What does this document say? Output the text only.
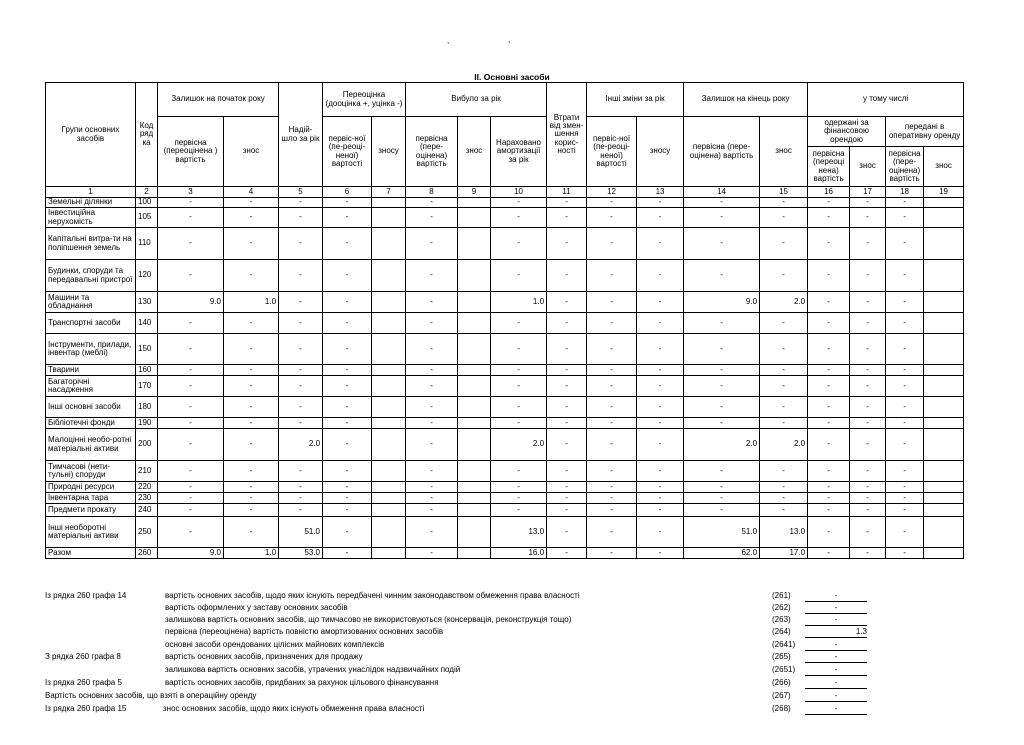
,	,
ІІ. Основні засоби
Групи основних засобів	Код ряд ка	Залишок на початок року		Надій-шло за рік	Переоцінка (дооцінка +, уцінка -)		Вибуло за рік			Втрати від змен-шення корис-ності	Інші зміни за рік		Залишок на кінець року		у тому числі			
		первісна (переоцінена ) вартість	знос		первіс-ної (пе-реоці-неної) вартості	зносу	первісна (пере-оцінена) вартість	знос	Нараховано амортизації за рік		первіс-ної (пе-реоці-неної) вартості	зносу	первісна (пере-оцінена) вартість	знос	одержані за фінансовою орендою		передані в оперативну оренду	
															первісна (переоці нена) вартість	знос	первісна (пере-оцінена) вартість	знос
1	2	3	4	5	6	7	8	9	10	11	12	13	14	15	16	17	18	19
Земельні ділянки	100	-	-	-	-		-		-	-	-	-	-	-	-	-	-	
Інвестиційна нерухомість	105	-	-	-	-		-		-	-	-	-	-	-	-	-	-	
Капітальні витра-ти на поліпшення земель	110	-	-	-	-		-		-	-	-	-	-	-	-	-	-	
Будинки, споруди та передавальні пристрої	120	-	-	-	-		-		-	-	-	-	-	-	-	-	-	
Машини та обладнання	130	9.0	1.0	-	-		-		1.0	-	-	-	9.0	2.0	-	-	-	
Транспортні засоби	140	-	-	-	-		-		-	-	-	-	-	-	-	-	-	
Інструменти, прилади, інвентар (меблі)	150	-	-	-	-		-		-	-	-	-	-	-	-	-	-	
Тварини	160	-	-	-	-		-		-	-	-	-	-	-	-	-	-	
Багаторічні насадження	170	-	-	-	-		-		-	-	-	-	-	-	-	-	-	
Інші основні засоби	180	-	-	-	-		-		-	-	-	-	-	-	-	-	-	
Бібліотечні фонди	190	-	-	-	-		-		-	-	-	-	-	-	-	-	-	
Малоцінні необо-ротні матеріальні активи	200	-	-	2.0	-		-		2.0	-	-	-	2.0	2.0	-	-	-	
Тимчасові (нети-тульні) споруди	210	-	-	-	-		-		-	-	-	-	-	-	-	-	-	
Природні ресурси	220	-	-	-	-		-		-	-	-	-	-	-	-	-	-	
Інвентарна тара	230	-	-	-	-		-		-	-	-	-	-	-	-	-	-	
Предмети прокату	240	-	-	-	-		-		-	-	-	-	-	-	-	-	-	
Інші необоротні матеріальні активи	250	-	-	51.0	-		-		13.0	-	-	-	51.0	13.0	-	-	-	
Разом	260	9.0	1.0	53.0	-		-		16.0	-	-	-	62.0	17.0	-	-	-	
Із рядка 260 графа 14	вартість основних засобів, щодо яких існують передбачені чинним законодавством обмеження права власності	(261)	-
вартість оформлених у заставу основних засобів	(262)	-
залишкова вартість основних засобів, що тимчасово не використовуються (консервація, реконструкція тощо)	(263)	-
первісна (переоцінена) вартість повністю амортизованих основних засобів	(264)	1.3
основні засоби орендованих цілісних майнових комплексів	(2641)	-
З рядка 260 графа 8	вартість основних засобів, призначених для продажу	(265)	-
залишкова вартість основних засобів, утрачених унаслідок надзвичайних подій	(2651)	-
Із рядка 260 графа 5	вартість основних засобів, придбаних за рахунок цільового фінансування	(266)	-
Вартість основних засобів, що взяті в операційну оренду	(267)	-
Із рядка 260 графа 15	знос основних засобів, щодо яких існують обмеження права власності	(268)	-
